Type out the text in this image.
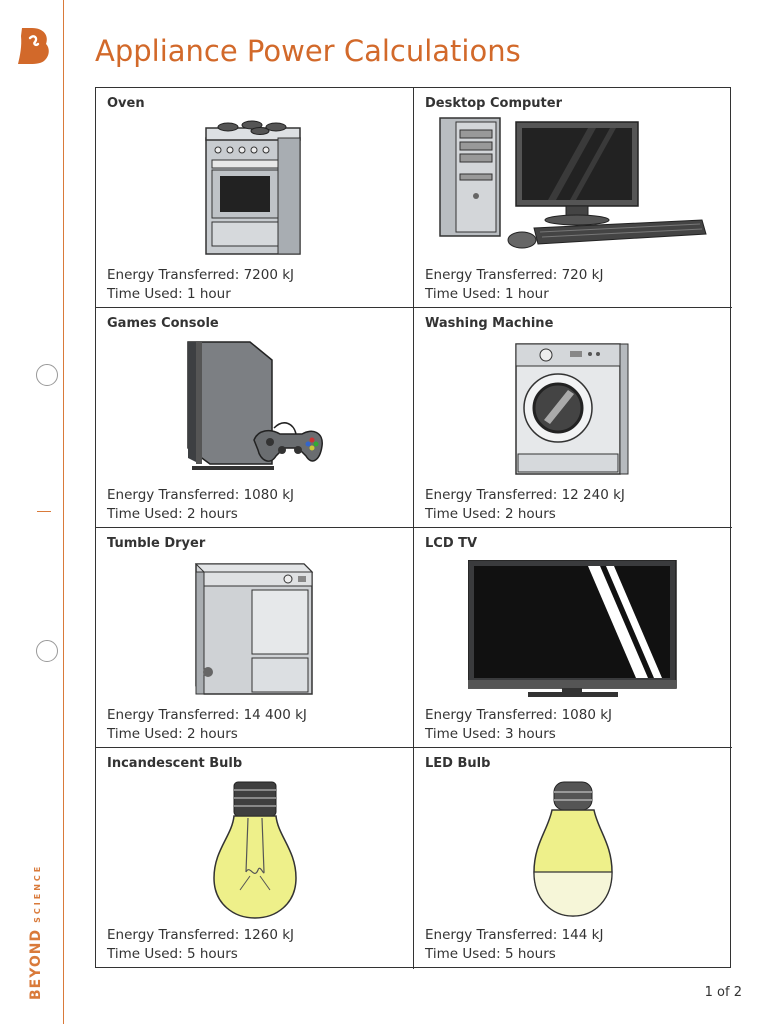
BEYONDSCIENCE
Appliance Power Calculations
Oven
Energy Transferred: 7200 kJ
Time Used: 1 hour
Desktop Computer
Energy Transferred: 720 kJ
Time Used: 1 hour
Games Console
Energy Transferred: 1080 kJ
Time Used: 2 hours
Washing Machine
Energy Transferred: 12 240 kJ
Time Used: 2 hours
Tumble Dryer
Energy Transferred: 14 400 kJ
Time Used: 2 hours
LCD TV
Energy Transferred: 1080 kJ
Time Used: 3 hours
Incandescent Bulb
Energy Transferred: 1260 kJ
Time Used: 5 hours
LED Bulb
Energy Transferred: 144 kJ
Time Used: 5 hours
1 of 2
